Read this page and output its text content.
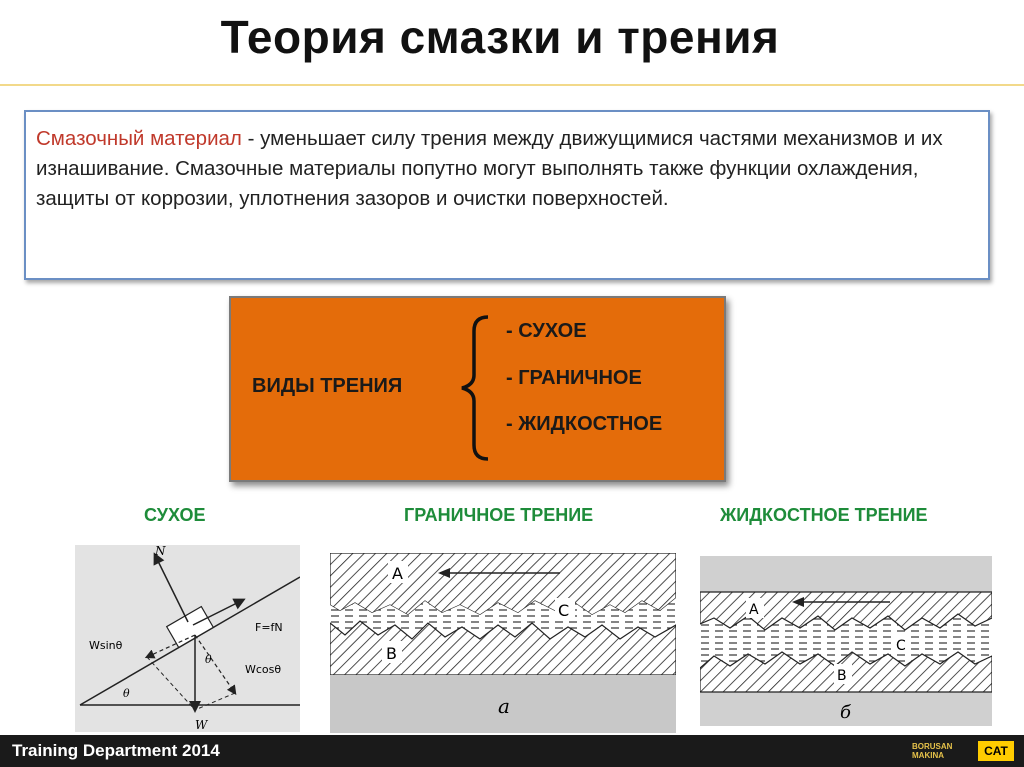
Теория смазки и трения
Смазочный материал - уменьшает силу трения между движущимися частями механизмов и их изнашивание. Смазочные материалы попутно могут выполнять также функции охлаждения, защиты от коррозии, уплотнения зазоров и очистки поверхностей.
ВИДЫ ТРЕНИЯ
- СУХОЕ
- ГРАНИЧНОЕ
- ЖИДКОСТНОЕ
СУХОЕ	ГРАНИЧНОЕ ТРЕНИЕ	ЖИДКОСТНОЕ ТРЕНИЕ
N
Wsinθ
F=fN
θ
θ
Wcosθ
W
A
C
B
a
A
C
B
б
Training Department 2014	BORUSAN MAKINA	CAT
